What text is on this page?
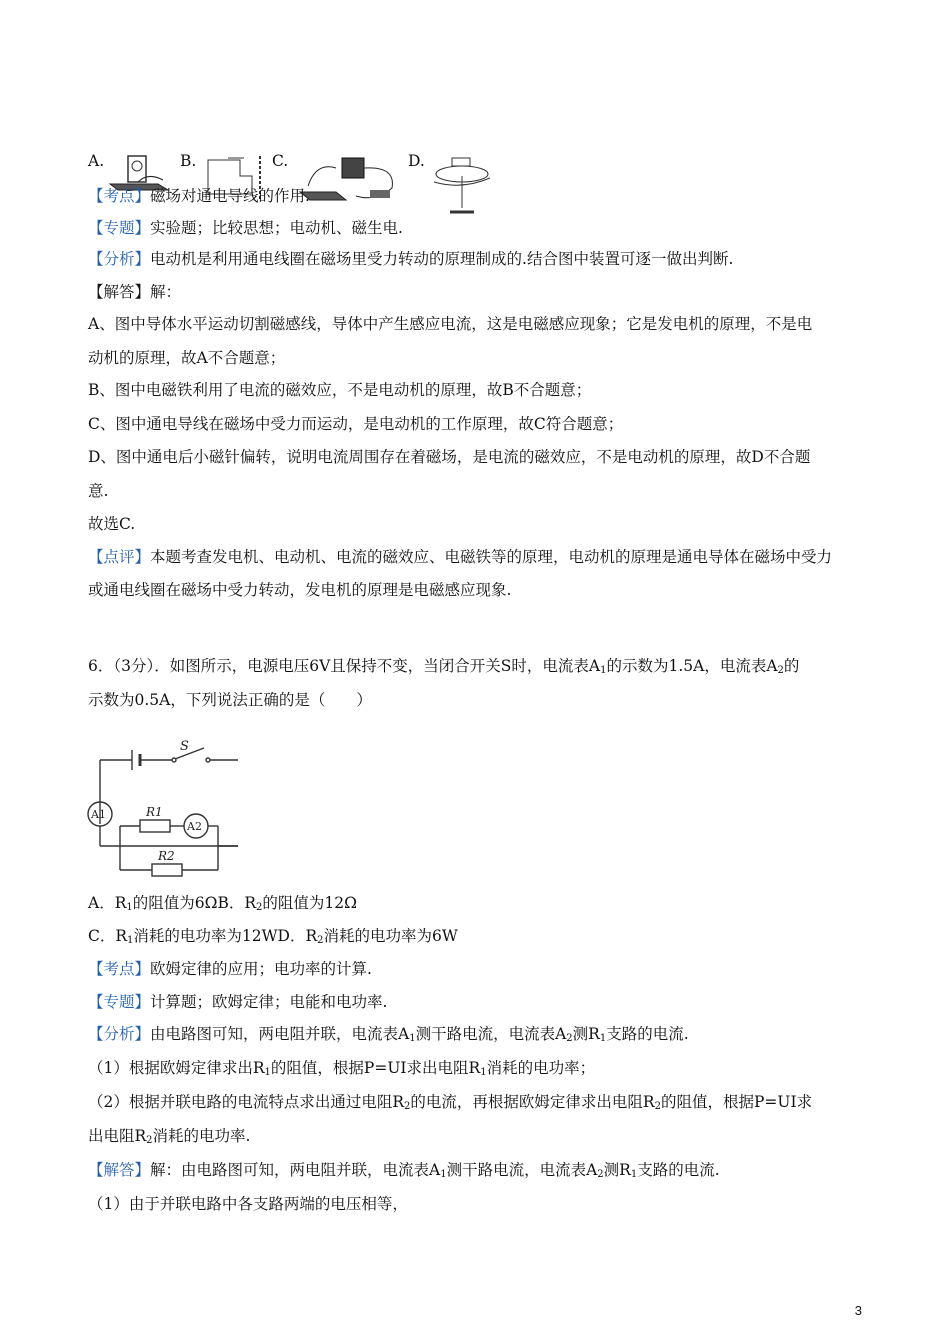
A.	B.	C.	D.
【考点】磁场对通电导线的作用.
【专题】实验题；比较思想；电动机、磁生电.
【分析】电动机是利用通电线圈在磁场里受力转动的原理制成的.结合图中装置可逐一做出判断.
【解答】解：
A、图中导体水平运动切割磁感线，导体中产生感应电流，这是电磁感应现象；它是发电机的原理，不是电
动机的原理，故A不合题意；
B、图中电磁铁利用了电流的磁效应，不是电动机的原理，故B不合题意；
C、图中通电导线在磁场中受力而运动，是电动机的工作原理，故C符合题意；
D、图中通电后小磁针偏转，说明电流周围存在着磁场，是电流的磁效应，不是电动机的原理，故D不合题
意.
故选C.
【点评】本题考查发电机、电动机、电流的磁效应、电磁铁等的原理，电动机的原理是通电导体在磁场中受力
或通电线圈在磁场中受力转动，发电机的原理是电磁感应现象.
6．（3分）．如图所示，电源电压6V且保持不变，当闭合开关S时，电流表$A_1$的示数为1.5A，电流表$A_2$的
示数为0.5A，下列说法正确的是（　　）
S
A1
A2
R1
R2
A．$R_1$的阻值为6ΩB．$R_2$的阻值为12Ω
C．$R_1$消耗的电功率为12WD．$R_2$消耗的电功率为6W
【考点】欧姆定律的应用；电功率的计算.
【专题】计算题；欧姆定律；电能和电功率.
【分析】由电路图可知，两电阻并联，电流表$A_1$测干路电流，电流表$A_2$测$R_1$支路的电流.
（1）根据欧姆定律求出$R_1$的阻值，根据P=UI求出电阻$R_1$消耗的电功率；
（2）根据并联电路的电流特点求出通过电阻$R_2$的电流，再根据欧姆定律求出电阻$R_2$的阻值，根据P=UI求
出电阻$R_2$消耗的电功率.
【解答】解：由电路图可知，两电阻并联，电流表$A_1$测干路电流，电流表$A_2$测$R_1$支路的电流.
（1）由于并联电路中各支路两端的电压相等，
3
